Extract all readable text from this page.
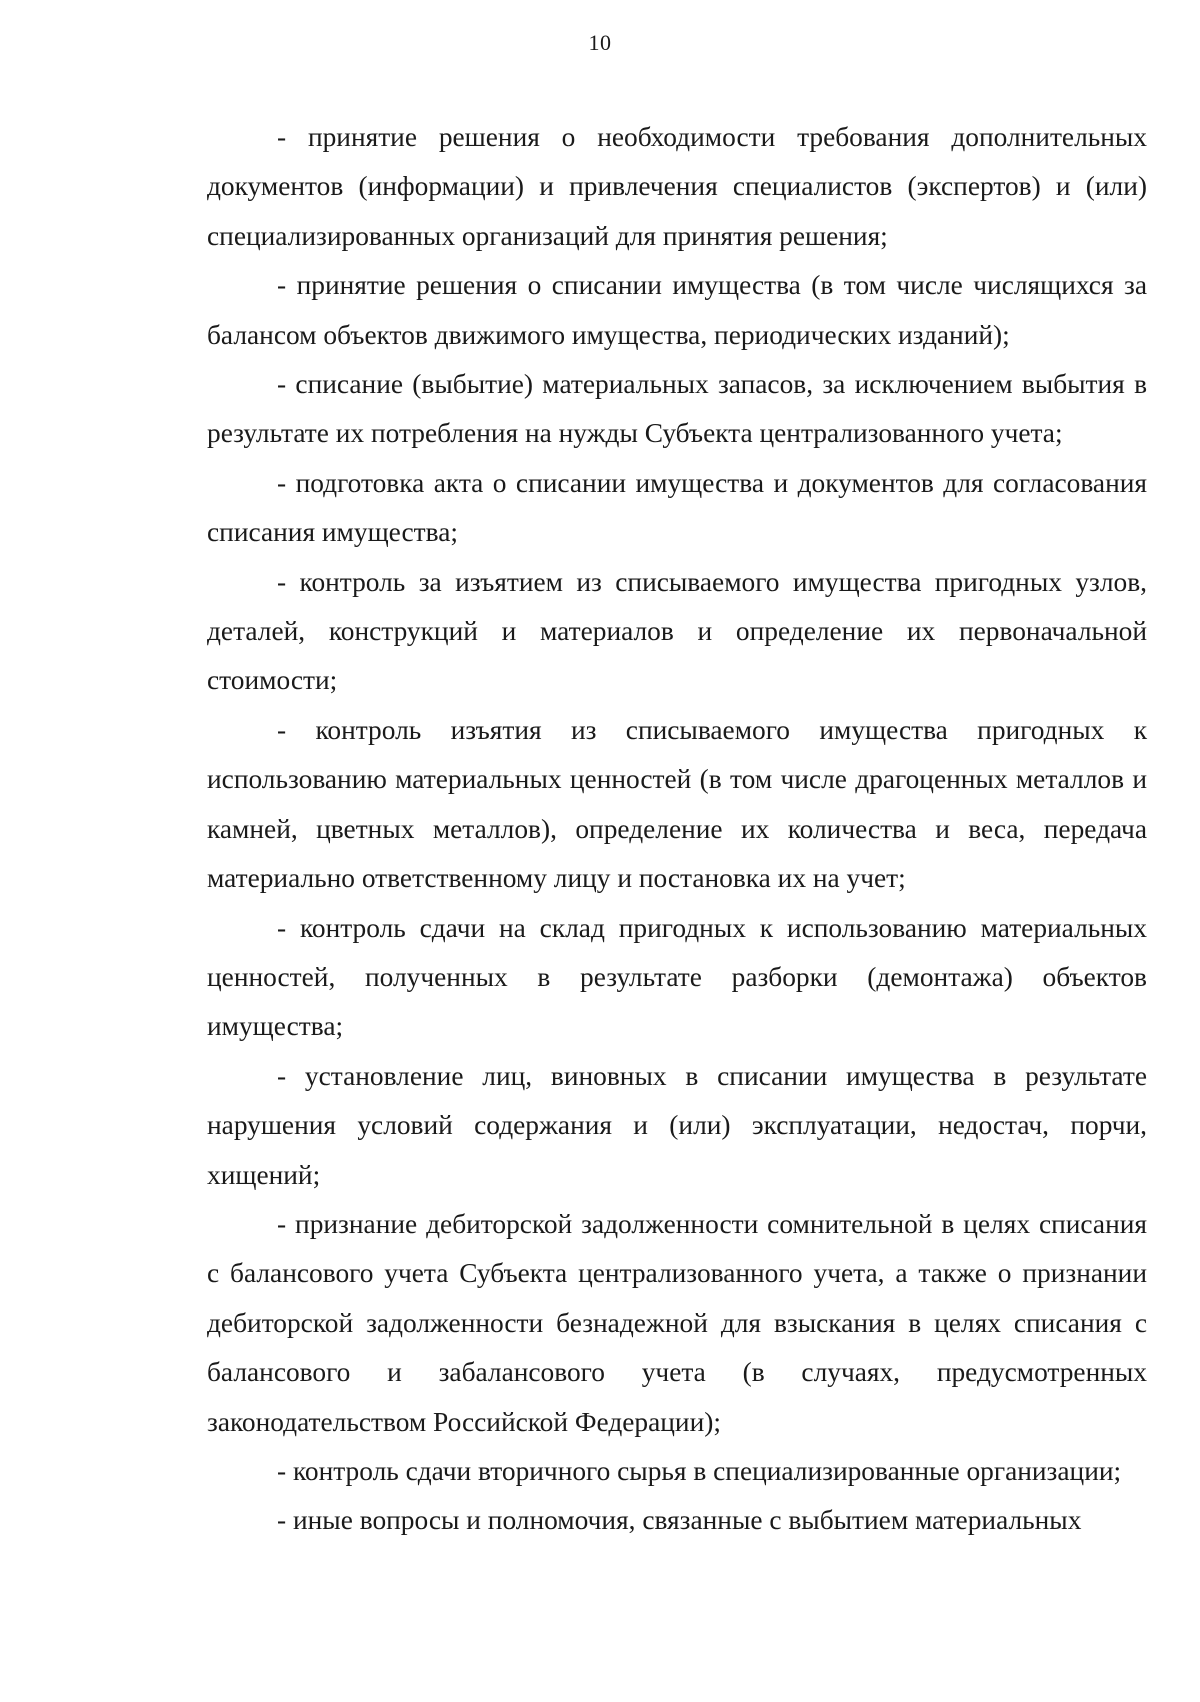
10

- принятие решения о необходимости требования дополнительных документов (информации) и привлечения специалистов (экспертов) и (или) специализированных организаций для принятия решения;

- принятие решения о списании имущества (в том числе числящихся за балансом объектов движимого имущества, периодических изданий);

- списание (выбытие) материальных запасов, за исключением выбытия в результате их потребления на нужды Субъекта централизованного учета;

- подготовка акта о списании имущества и документов для согласования списания имущества;

- контроль за изъятием из списываемого имущества пригодных узлов, деталей, конструкций и материалов и определение их первоначальной стоимости;

- контроль изъятия из списываемого имущества пригодных к использованию материальных ценностей (в том числе драгоценных металлов и камней, цветных металлов), определение их количества и веса, передача материально ответственному лицу и постановка их на учет;

- контроль сдачи на склад пригодных к использованию материальных ценностей, полученных в результате разборки (демонтажа) объектов имущества;

- установление лиц, виновных в списании имущества в результате нарушения условий содержания и (или) эксплуатации, недостач, порчи, хищений;

- признание дебиторской задолженности сомнительной в целях списания с балансового учета Субъекта централизованного учета, а также о признании дебиторской задолженности безнадежной для взыскания в целях списания с балансового и забалансового учета (в случаях, предусмотренных законодательством Российской Федерации);

- контроль сдачи вторичного сырья в специализированные организации;

- иные вопросы и полномочия, связанные с выбытием материальных
